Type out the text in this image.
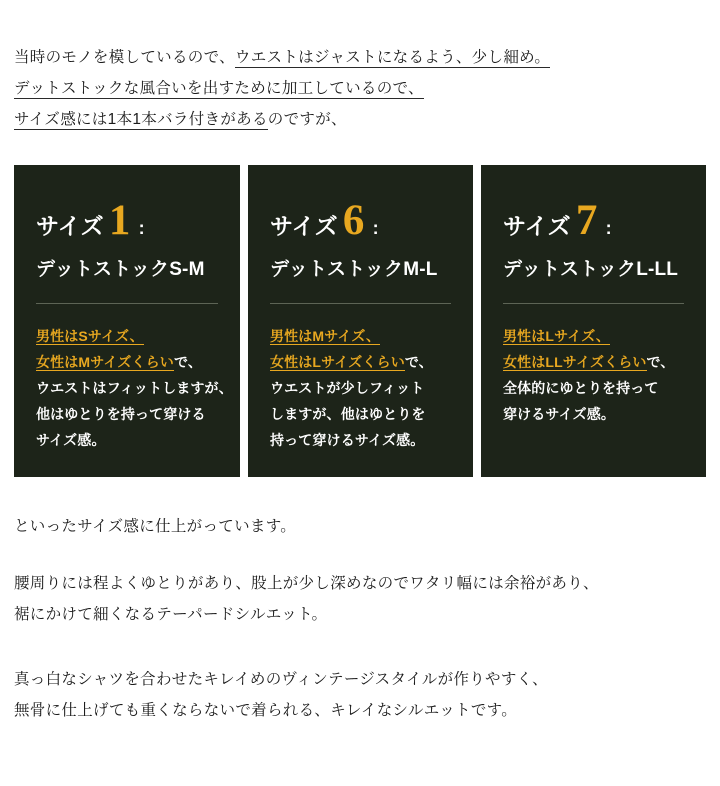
当時のモノを模しているので、ウエストはジャストになるよう、少し細め。
デットストックな風合いを出すために加工しているので、
サイズ感には1本1本バラ付きがあるのですが、
サイズ 1 :
デットストックS-M
男性はSサイズ、
女性はMサイズくらいで、
ウエストはフィットしますが、
他はゆとりを持って穿ける
サイズ感。
サイズ 6 :
デットストックM-L
男性はMサイズ、
女性はLサイズくらいで、
ウエストが少しフィット
しますが、他はゆとりを
持って穿けるサイズ感。
サイズ 7 :
デットストックL-LL
男性はLサイズ、
女性はLLサイズくらいで、
全体的にゆとりを持って
穿けるサイズ感。
といったサイズ感に仕上がっています。
腰周りには程よくゆとりがあり、股上が少し深めなのでワタリ幅には余裕があり、
裾にかけて細くなるテーパードシルエット。
真っ白なシャツを合わせたキレイめのヴィンテージスタイルが作りやすく、
無骨に仕上げても重くならないで着られる、キレイなシルエットです。
